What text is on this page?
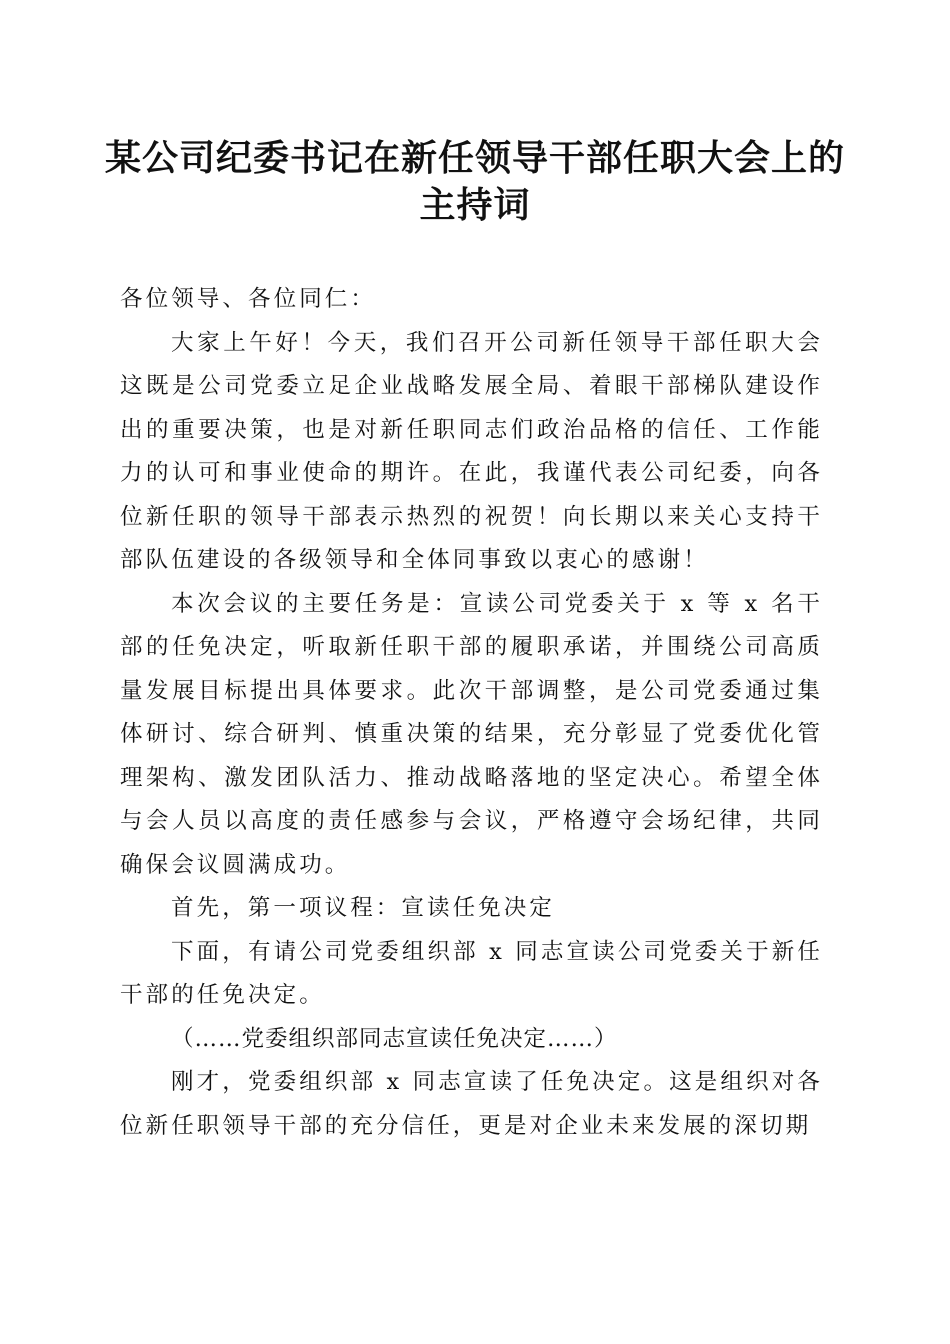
某公司纪委书记在新任领导干部任职大会上的
主持词

各位领导、各位同仁：

大家上午好！今天，我们召开公司新任领导干部任职大会这既是公司党委立足企业战略发展全局、着眼干部梯队建设作出的重要决策，也是对新任职同志们政治品格的信任、工作能力的认可和事业使命的期许。在此，我谨代表公司纪委，向各位新任职的领导干部表示热烈的祝贺！向长期以来关心支持干部队伍建设的各级领导和全体同事致以衷心的感谢！

本次会议的主要任务是：宣读公司党委关于 x 等 x 名干部的任免决定，听取新任职干部的履职承诺，并围绕公司高质量发展目标提出具体要求。此次干部调整，是公司党委通过集体研讨、综合研判、慎重决策的结果，充分彰显了党委优化管理架构、激发团队活力、推动战略落地的坚定决心。希望全体与会人员以高度的责任感参与会议，严格遵守会场纪律，共同确保会议圆满成功。

首先，第一项议程：宣读任免决定

下面，有请公司党委组织部 x 同志宣读公司党委关于新任干部的任免决定。

（……党委组织部同志宣读任免决定……）

刚才，党委组织部 x 同志宣读了任免决定。这是组织对各位新任职领导干部的充分信任，更是对企业未来发展的深切期
